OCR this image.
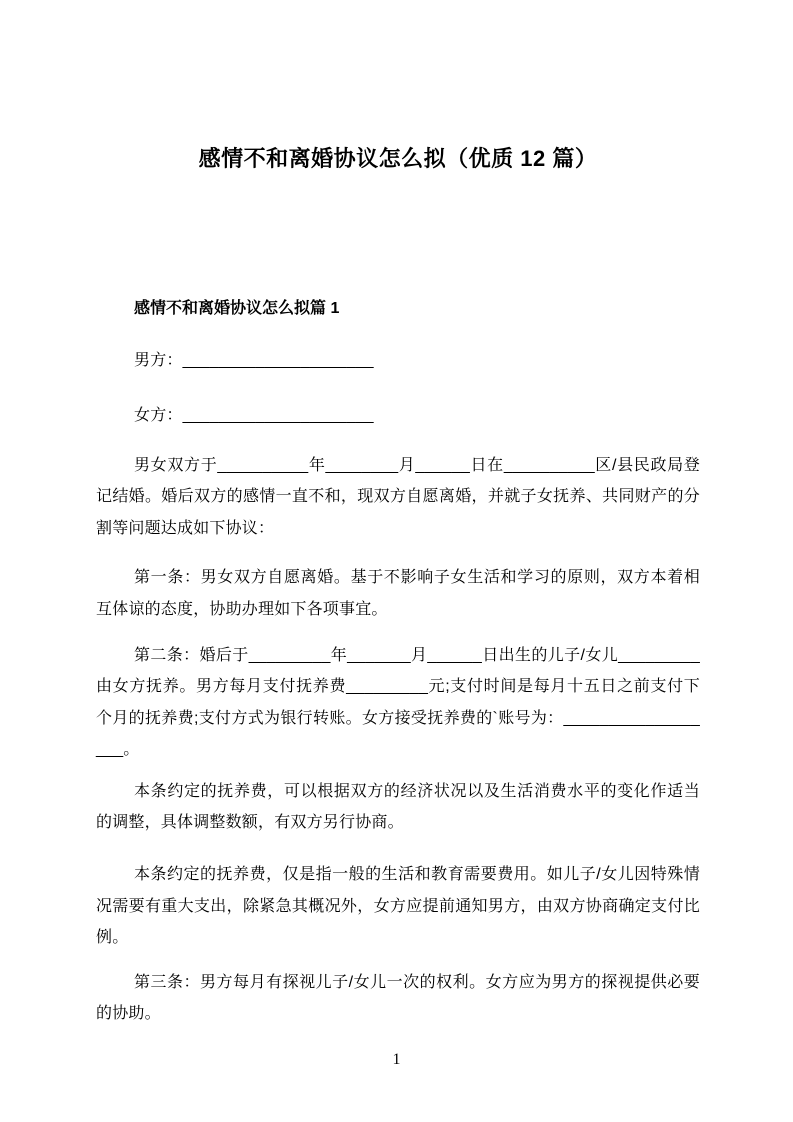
感情不和离婚协议怎么拟（优质 12 篇）
感情不和离婚协议怎么拟篇 1

男方：_____________________

女方：_____________________

男女双方于__________年________月______日在__________区/县民政局登记结婚。婚后双方的感情一直不和，现双方自愿离婚，并就子女抚养、共同财产的分割等问题达成如下协议：

第一条：男女双方自愿离婚。基于不影响子女生活和学习的原则，双方本着相互体谅的态度，协助办理如下各项事宜。

第二条：婚后于_________年_______月______日出生的儿子/女儿_________由女方抚养。男方每月支付抚养费_________元;支付时间是每月十五日之前支付下个月的抚养费;支付方式为银行转账。女方接受抚养费的`账号为：__________________。

本条约定的抚养费，可以根据双方的经济状况以及生活消费水平的变化作适当的调整，具体调整数额，有双方另行协商。

本条约定的抚养费，仅是指一般的生活和教育需要费用。如儿子/女儿因特殊情况需要有重大支出，除紧急其概况外，女方应提前通知男方，由双方协商确定支付比例。

第三条：男方每月有探视儿子/女儿一次的权利。女方应为男方的探视提供必要的协助。

1
